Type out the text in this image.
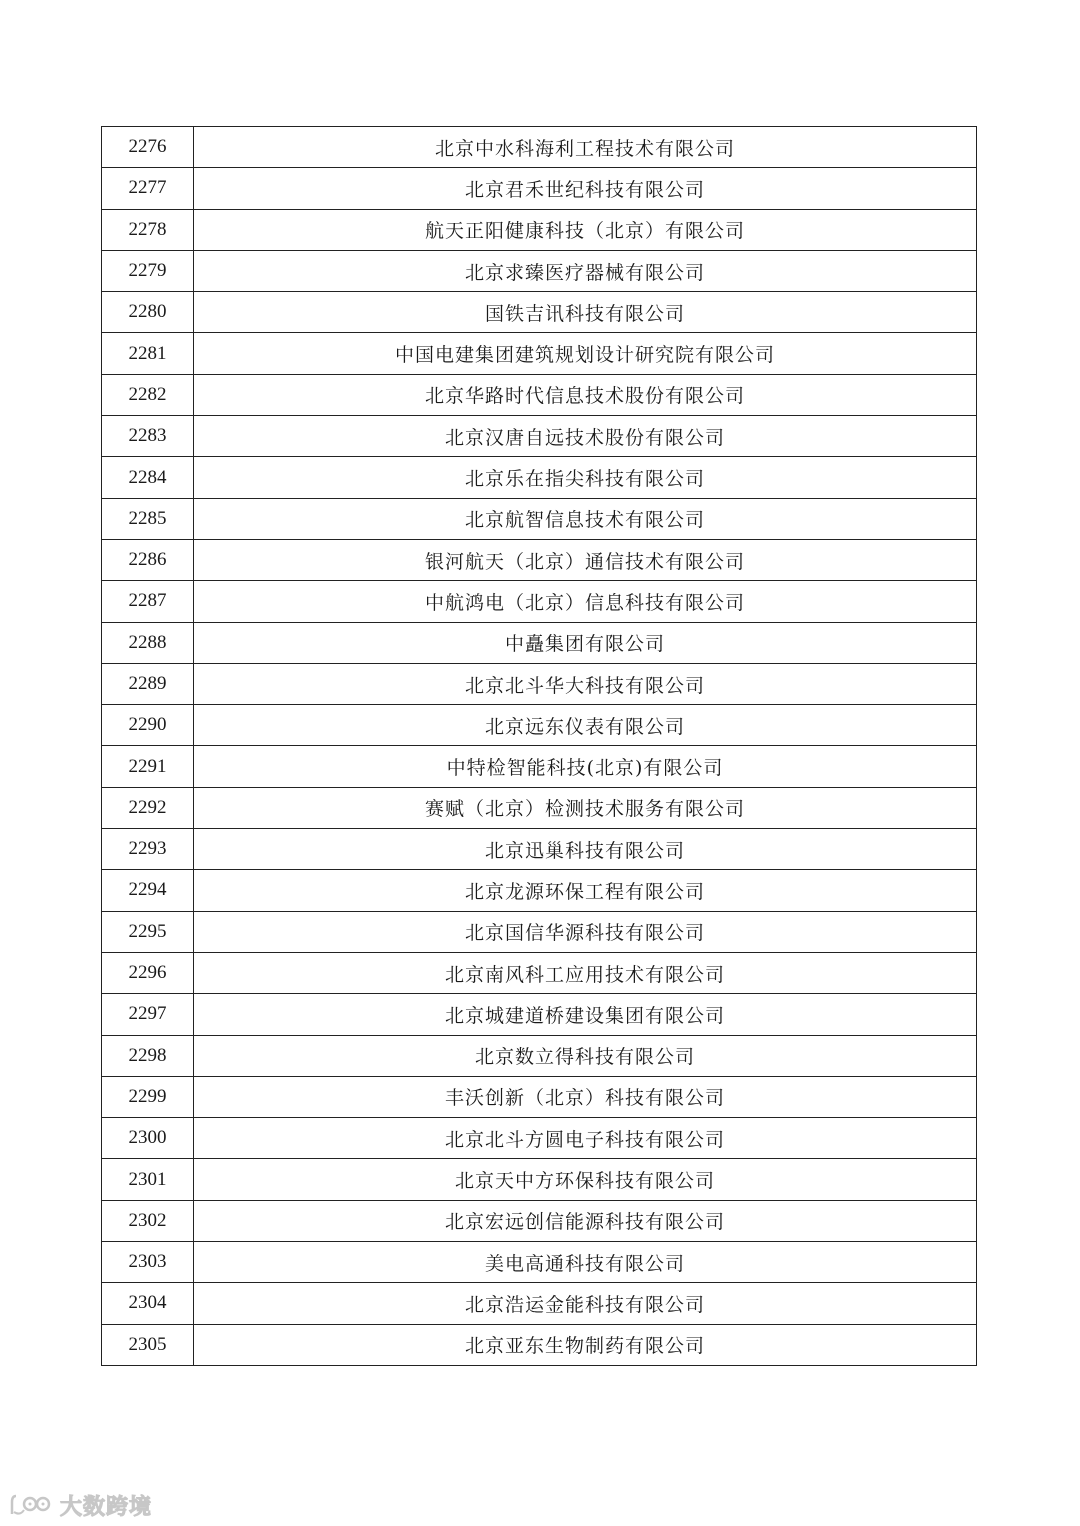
2276	北京中水科海利工程技术有限公司
2277	北京君禾世纪科技有限公司
2278	航天正阳健康科技（北京）有限公司
2279	北京求臻医疗器械有限公司
2280	国铁吉讯科技有限公司
2281	中国电建集团建筑规划设计研究院有限公司
2282	北京华路时代信息技术股份有限公司
2283	北京汉唐自远技术股份有限公司
2284	北京乐在指尖科技有限公司
2285	北京航智信息技术有限公司
2286	银河航天（北京）通信技术有限公司
2287	中航鸿电（北京）信息科技有限公司
2288	中矗集团有限公司
2289	北京北斗华大科技有限公司
2290	北京远东仪表有限公司
2291	中特检智能科技(北京)有限公司
2292	赛赋（北京）检测技术服务有限公司
2293	北京迅巢科技有限公司
2294	北京龙源环保工程有限公司
2295	北京国信华源科技有限公司
2296	北京南风科工应用技术有限公司
2297	北京城建道桥建设集团有限公司
2298	北京数立得科技有限公司
2299	丰沃创新（北京）科技有限公司
2300	北京北斗方圆电子科技有限公司
2301	北京天中方环保科技有限公司
2302	北京宏远创信能源科技有限公司
2303	美电高通科技有限公司
2304	北京浩运金能科技有限公司
2305	北京亚东生物制药有限公司
大数跨境
